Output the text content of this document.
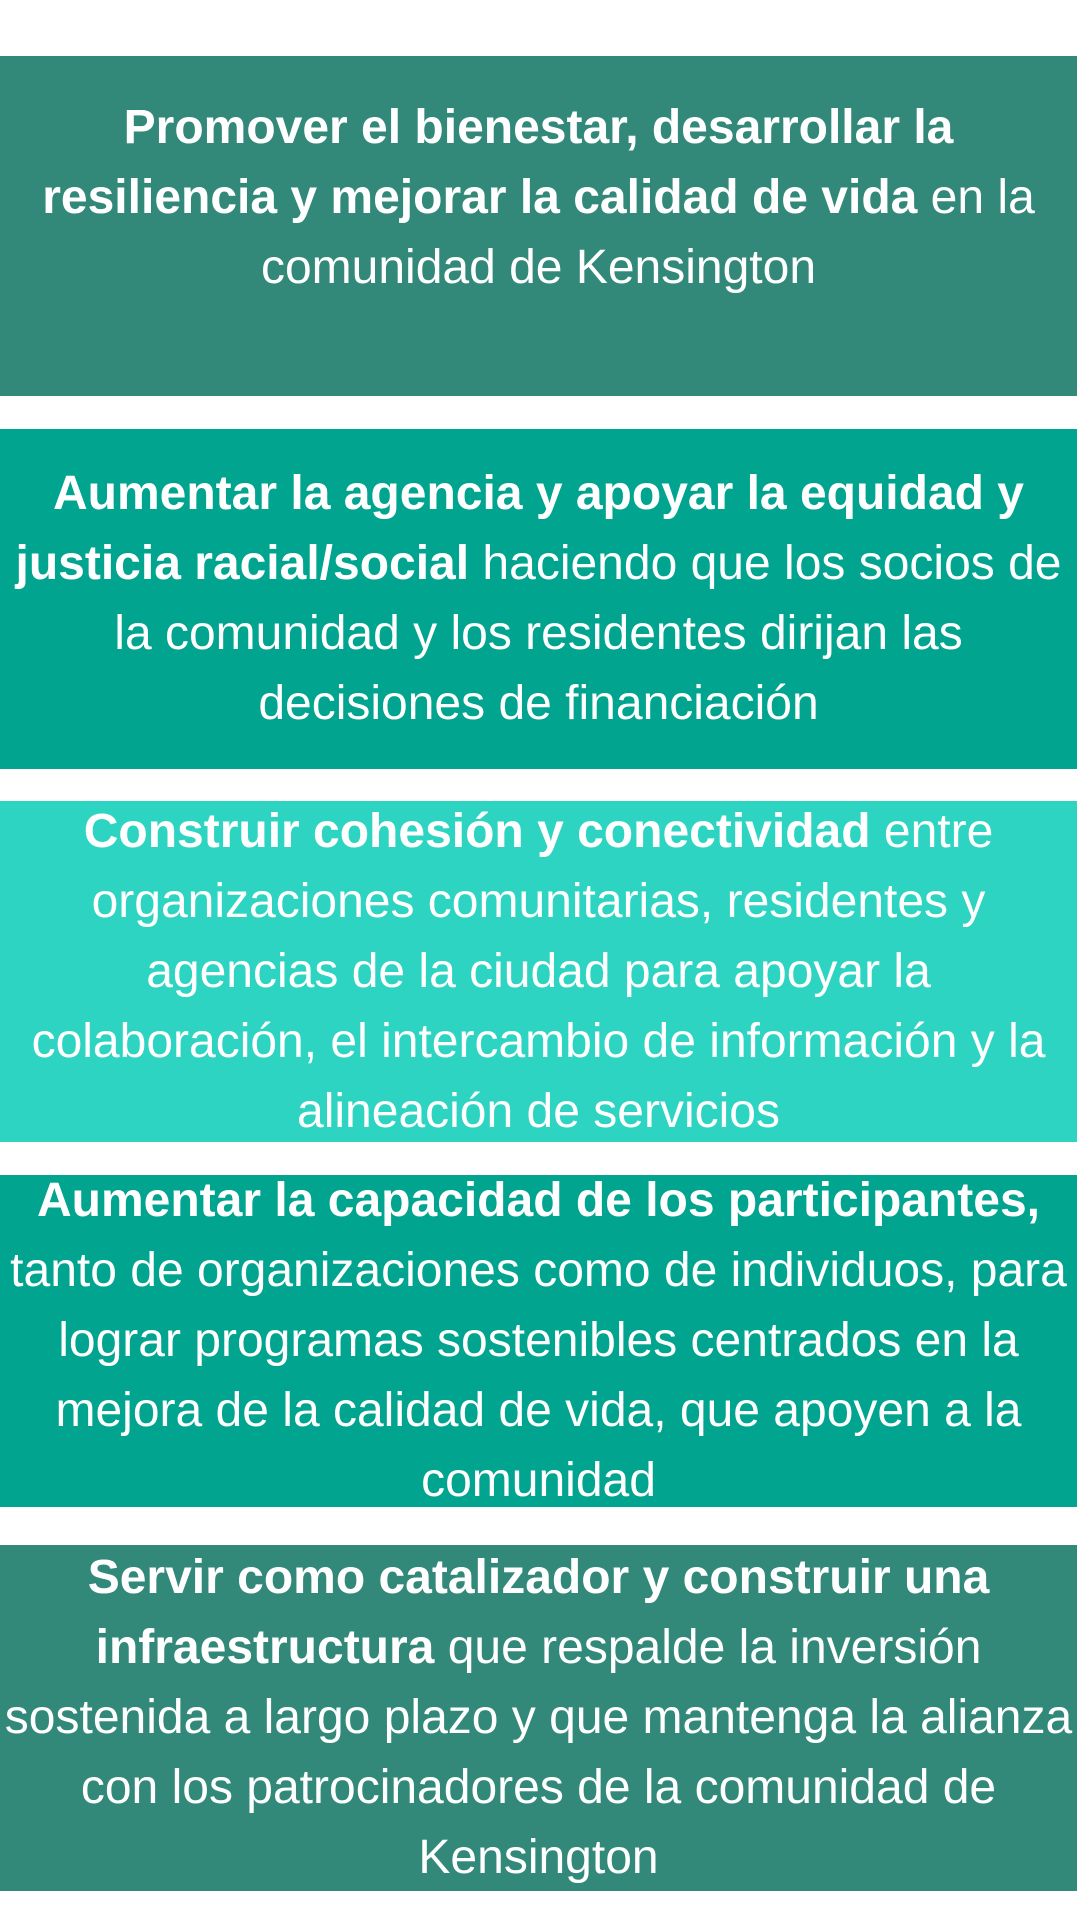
Promover el bienestar, desarrollar la resiliencia y mejorar la calidad de vida en la comunidad de Kensington

Aumentar la agencia y apoyar la equidad y justicia racial/social haciendo que los socios de la comunidad y los residentes dirijan las decisiones de financiación

Construir cohesión y conectividad entre organizaciones comunitarias, residentes y agencias de la ciudad para apoyar la colaboración, el intercambio de información y la alineación de servicios

Aumentar la capacidad de los participantes, tanto de organizaciones como de individuos, para lograr programas sostenibles centrados en la mejora de la calidad de vida, que apoyen a la comunidad

Servir como catalizador y construir una infraestructura que respalde la inversión sostenida a largo plazo y que mantenga la alianza con los patrocinadores de la comunidad de Kensington
